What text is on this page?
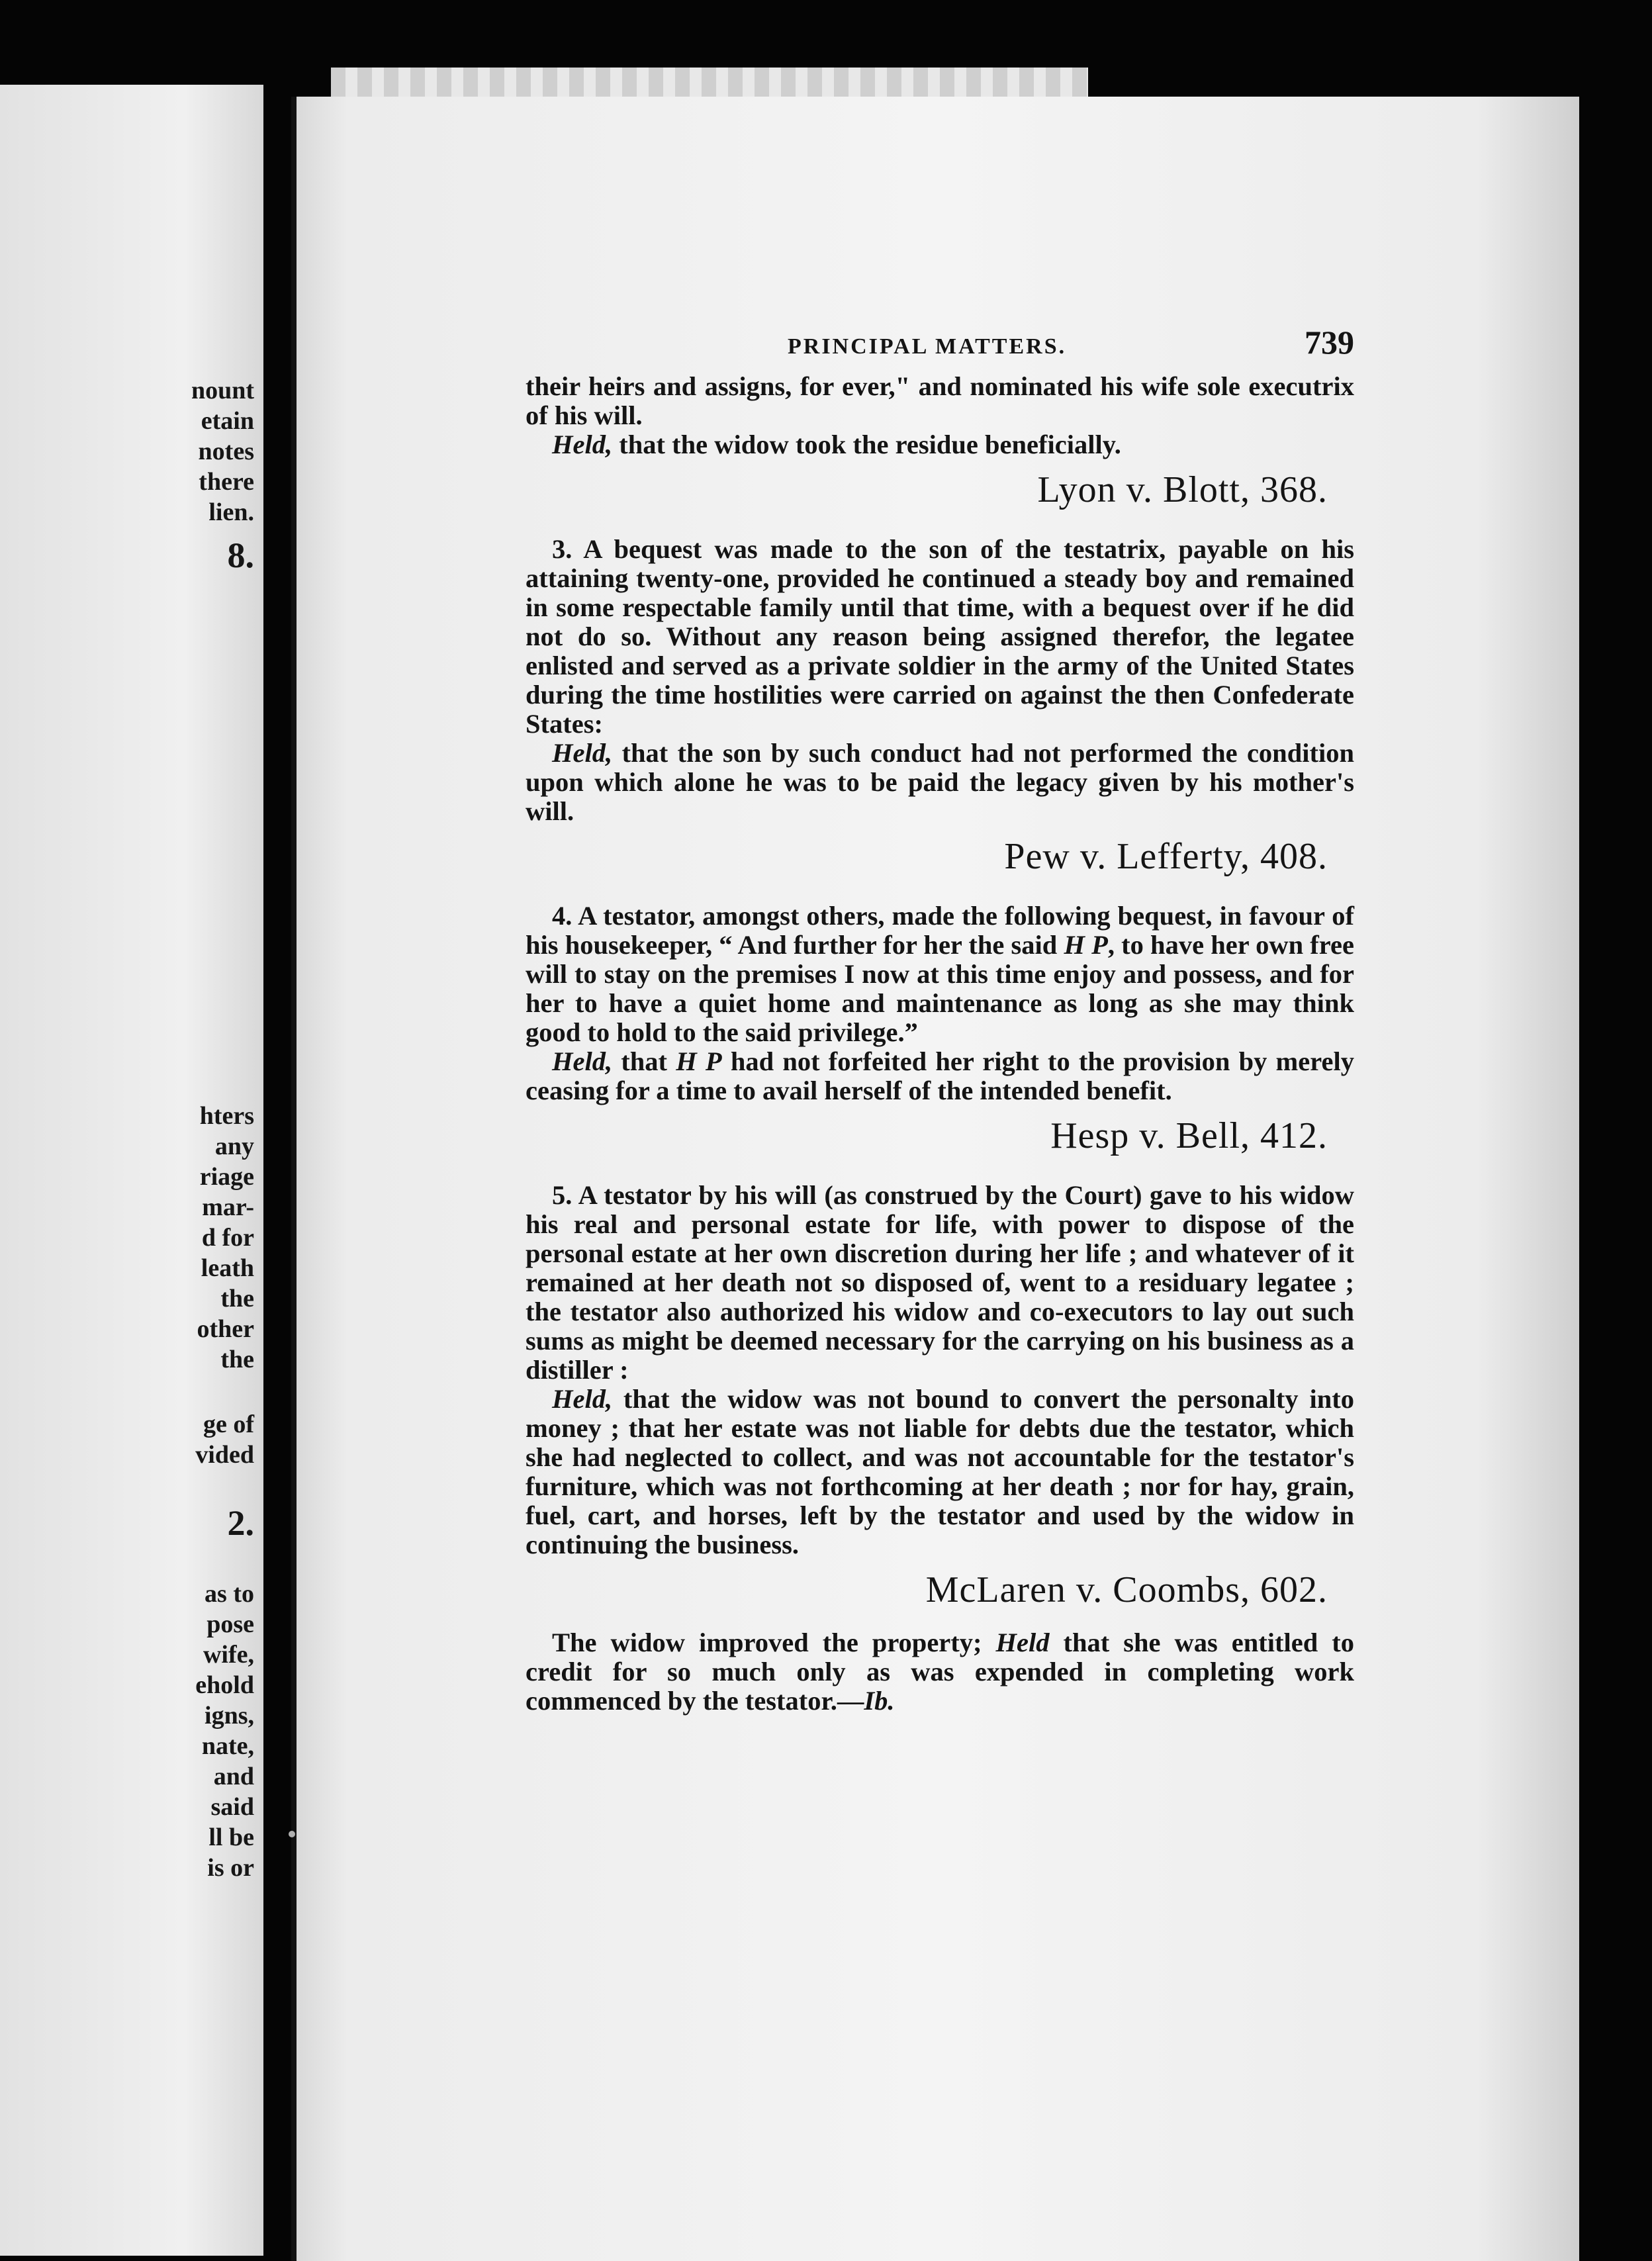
nount
etain
notes
there
lien.
8.
hters
any
riage
mar-
d for
leath
the
other
the
ge of
vided
2.
as to
pose
wife,
ehold
igns,
nate,
and
said
ll be
is or
PRINCIPAL MATTERS.	739

their heirs and assigns, for ever," and nominated his wife sole executrix of his will.

Held, that the widow took the residue beneficially.

Lyon v. Blott, 368.

3. A bequest was made to the son of the testatrix, payable on his attaining twenty-one, provided he continued a steady boy and remained in some respectable family until that time, with a bequest over if he did not do so. Without any reason being assigned therefor, the legatee enlisted and served as a private soldier in the army of the United States during the time hostilities were carried on against the then Confederate States:

Held, that the son by such conduct had not performed the condition upon which alone he was to be paid the legacy given by his mother's will.

Pew v. Lefferty, 408.

4. A testator, amongst others, made the following bequest, in favour of his housekeeper, “ And further for her the said H P, to have her own free will to stay on the premises I now at this time enjoy and possess, and for her to have a quiet home and maintenance as long as she may think good to hold to the said privilege.”

Held, that H P had not forfeited her right to the provision by merely ceasing for a time to avail herself of the intended benefit.

Hesp v. Bell, 412.

5. A testator by his will (as construed by the Court) gave to his widow his real and personal estate for life, with power to dispose of the personal estate at her own discretion during her life ; and whatever of it remained at her death not so disposed of, went to a residuary legatee ; the testator also authorized his widow and co-executors to lay out such sums as might be deemed necessary for the carrying on his business as a distiller :

Held, that the widow was not bound to convert the personalty into money ; that her estate was not liable for debts due the testator, which she had neglected to collect, and was not accountable for the testator's furniture, which was not forthcoming at her death ; nor for hay, grain, fuel, cart, and horses, left by the testator and used by the widow in continuing the business.

McLaren v. Coombs, 602.

The widow improved the property; Held that she was entitled to credit for so much only as was expended in completing work commenced by the testator.—Ib.
